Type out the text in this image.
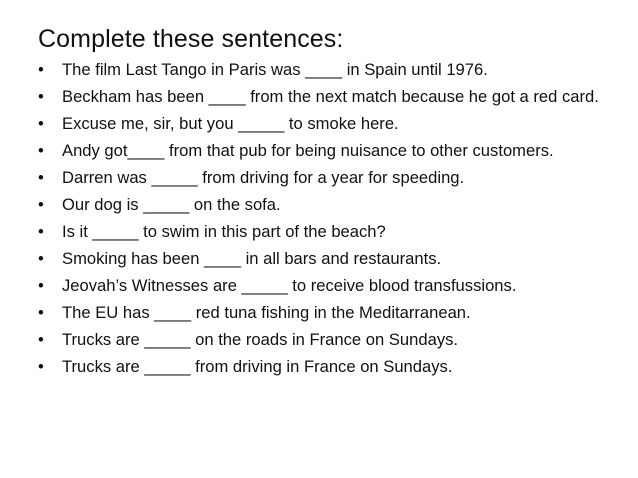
Complete these sentences:
•	The film Last Tango in Paris was ____ in Spain until 1976.
•	Beckham has been ____ from the next match because he got a red card.
•	Excuse me, sir, but you _____ to smoke here.
•	Andy got____ from that pub for being nuisance to other customers.
•	Darren was _____ from driving for a year for speeding.
•	Our dog is _____ on the sofa.
•	Is it _____ to swim in this part of the beach?
•	Smoking has been ____ in all bars and restaurants.
•	Jeovah’s Witnesses are _____ to receive blood transfussions.
•	The EU has ____ red tuna fishing in the Meditarranean.
•	Trucks are _____ on the roads in France on Sundays.
•	Trucks are _____ from driving in France on Sundays.
